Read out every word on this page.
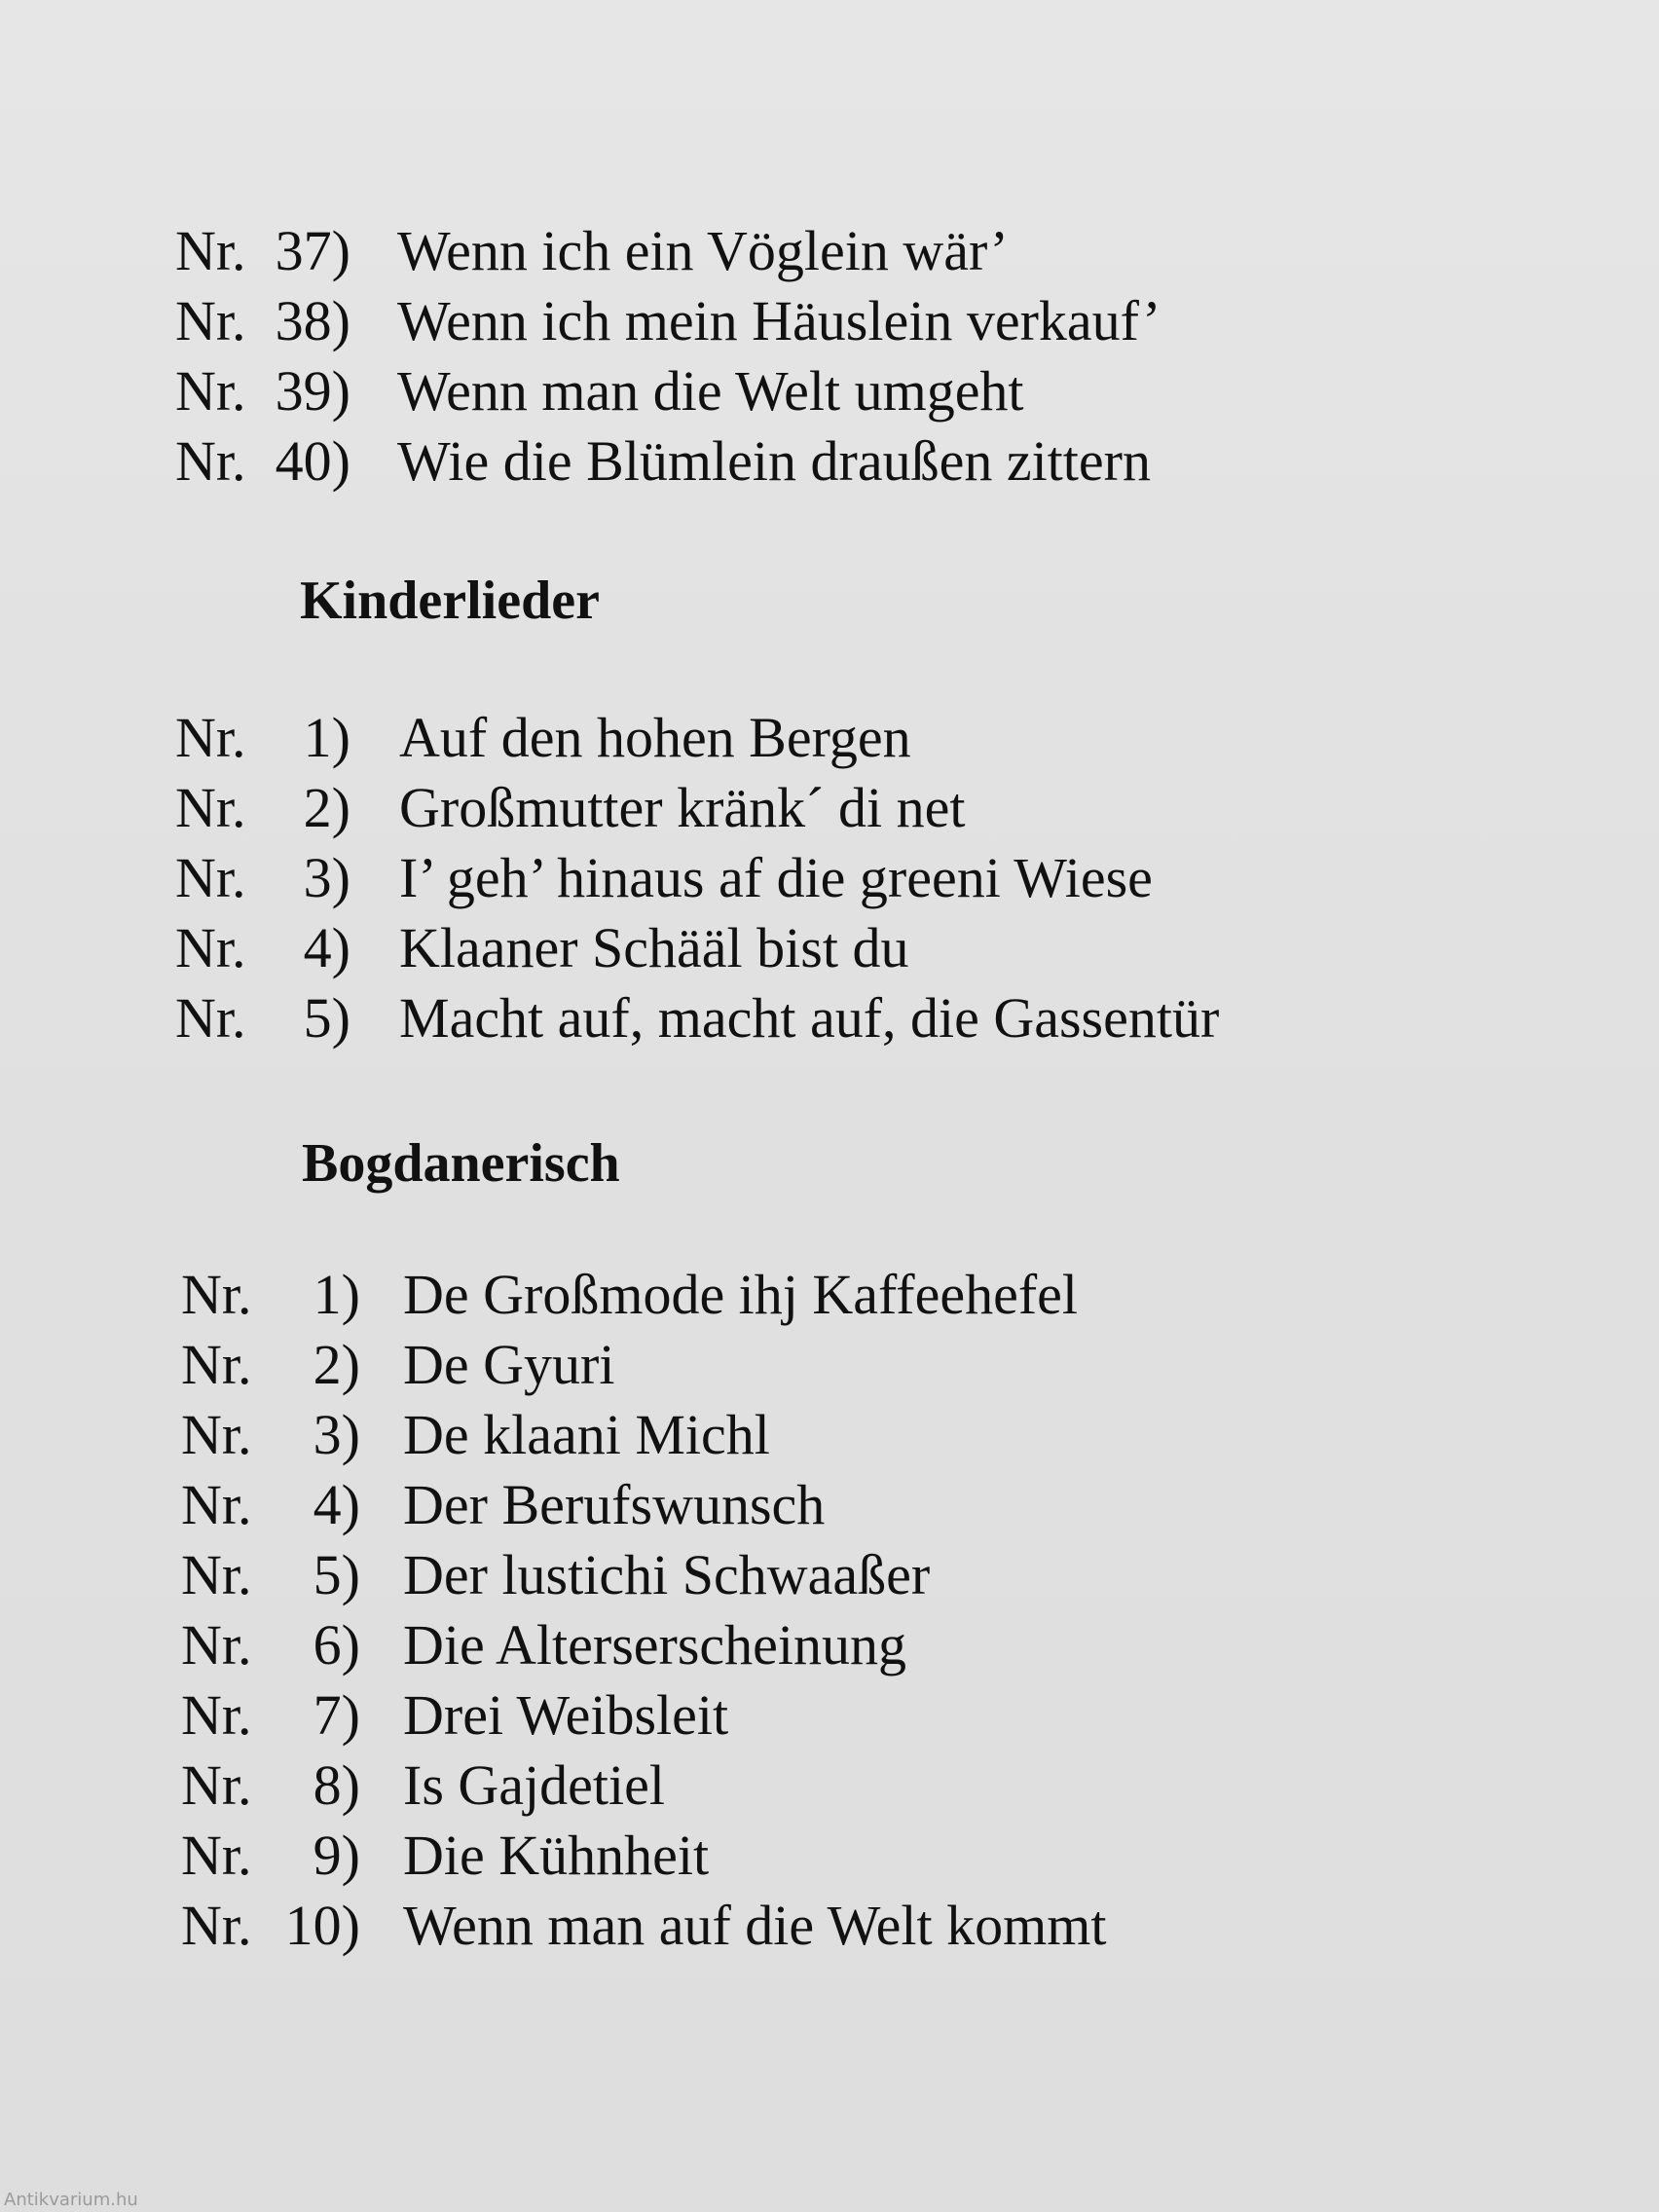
Nr. 37) Wenn ich ein Vöglein wär’
Nr. 38) Wenn ich mein Häuslein verkauf’
Nr. 39) Wenn man die Welt umgeht
Nr. 40) Wie die Blümlein draußen zittern
Kinderlieder
Nr.	1) Auf den hohen Bergen
Nr.	2) Großmutter kränk´ di net
Nr.	3) I’ geh’ hinaus af die greeni Wiese
Nr.	4) Klaaner Schääl bist du
Nr.	5) Macht auf, macht auf, die Gassentür
Bogdanerisch
Nr.	1) De Großmode ihj Kaffeehefel
Nr.	2) De Gyuri
Nr.	3) De klaani Michl
Nr.	4) Der Berufswunsch
Nr.	5) Der lustichi Schwaaßer
Nr.	6) Die Alterserscheinung
Nr.	7) Drei Weibsleit
Nr.	8) Is Gajdetiel
Nr.	9) Die Kühnheit
Nr. 10) Wenn man auf die Welt kommt
Antikvarium.hu
